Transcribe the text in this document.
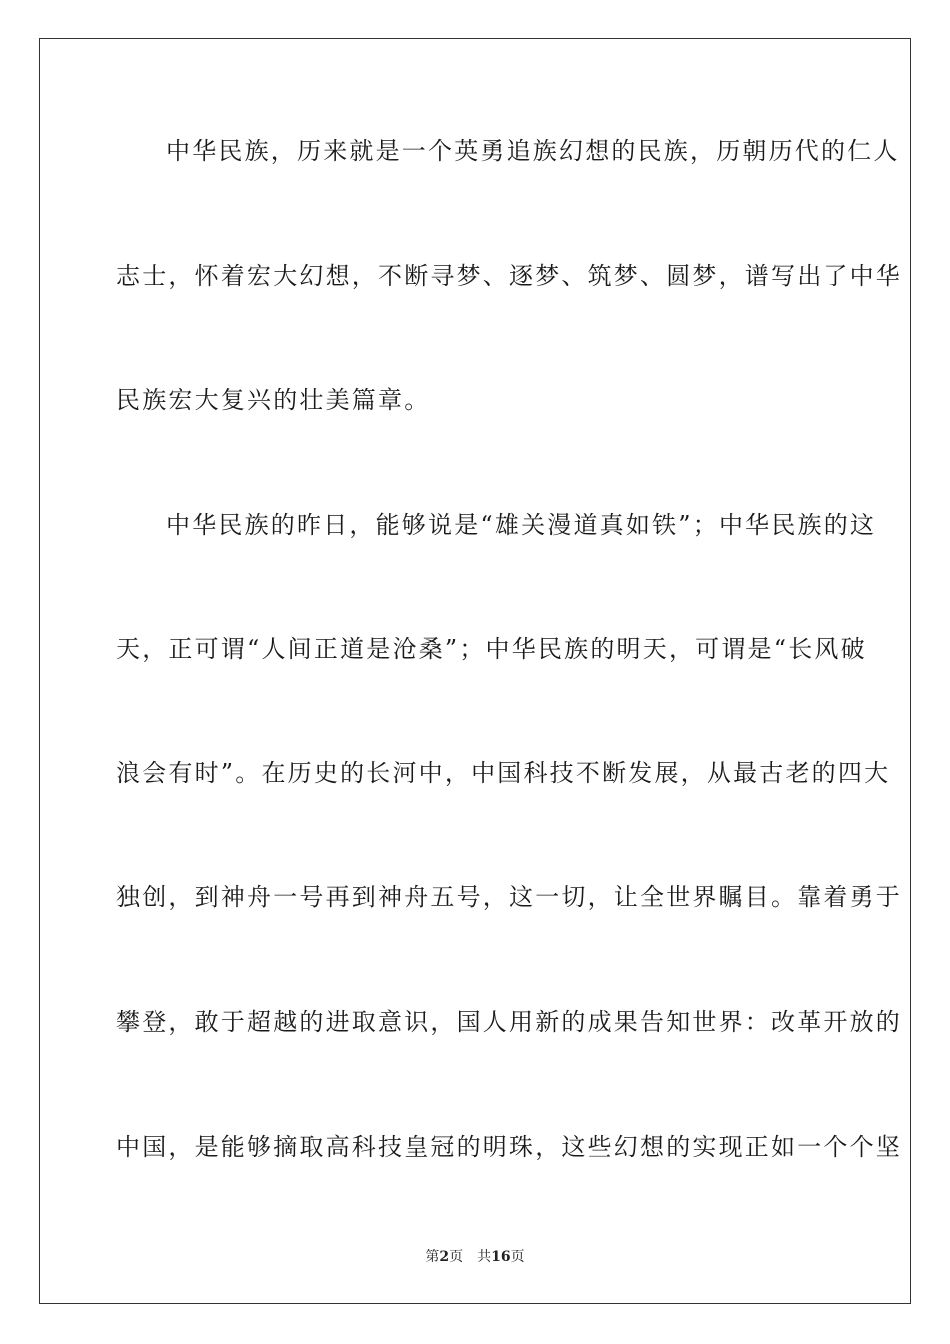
中华民族，历来就是一个英勇追族幻想的民族，历朝历代的仁人
志士，怀着宏大幻想，不断寻梦、逐梦、筑梦、圆梦，谱写出了中华
民族宏大复兴的壮美篇章。
中华民族的昨日，能够说是“雄关漫道真如铁”；中华民族的这
天，正可谓“人间正道是沧桑”；中华民族的明天，可谓是“长风破
浪会有时”。在历史的长河中，中国科技不断发展，从最古老的四大
独创，到神舟一号再到神舟五号，这一切，让全世界瞩目。靠着勇于
攀登，敢于超越的进取意识，国人用新的成果告知世界：改革开放的
中国，是能够摘取高科技皇冠的明珠，这些幻想的实现正如一个个坚
第2页 共16页
